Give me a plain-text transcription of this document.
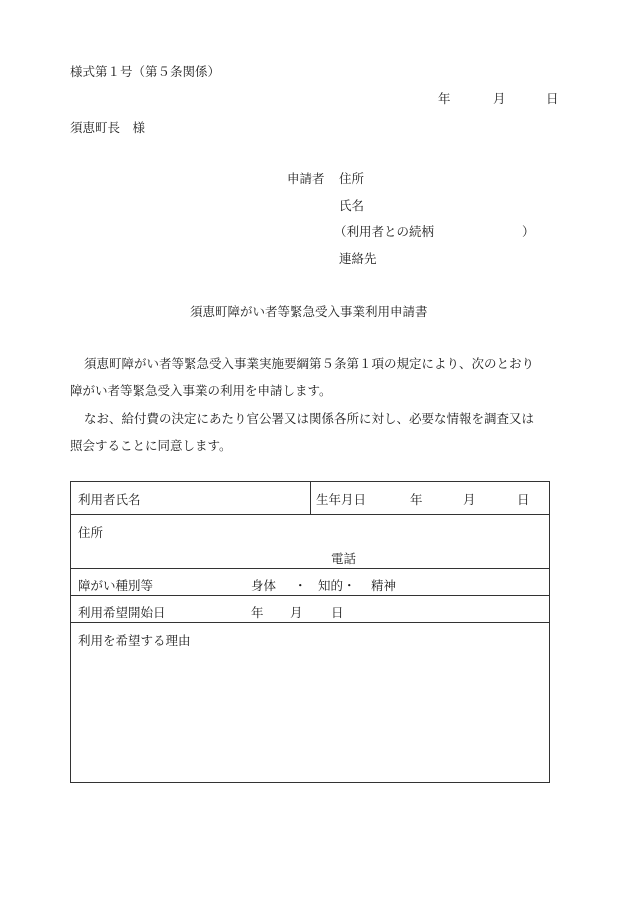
様式第１号（第５条関係）
年	月	日
須恵町長　様
申請者 住所
氏名
（利用者との続柄	）
連絡先
須恵町障がい者等緊急受入事業利用申請書
須恵町障がい者等緊急受入事業実施要綱第５条第１項の規定により、次のとおり
障がい者等緊急受入事業の利用を申請します。
なお、給付費の決定にあたり官公署又は関係各所に対し、必要な情報を調査又は
照会することに同意します。
利用者氏名	生年月日	年	月	日
住所
電話
障がい種別等	身体 ・ 知的・ 精神
利用希望開始日	年 月 日
利用を希望する理由
